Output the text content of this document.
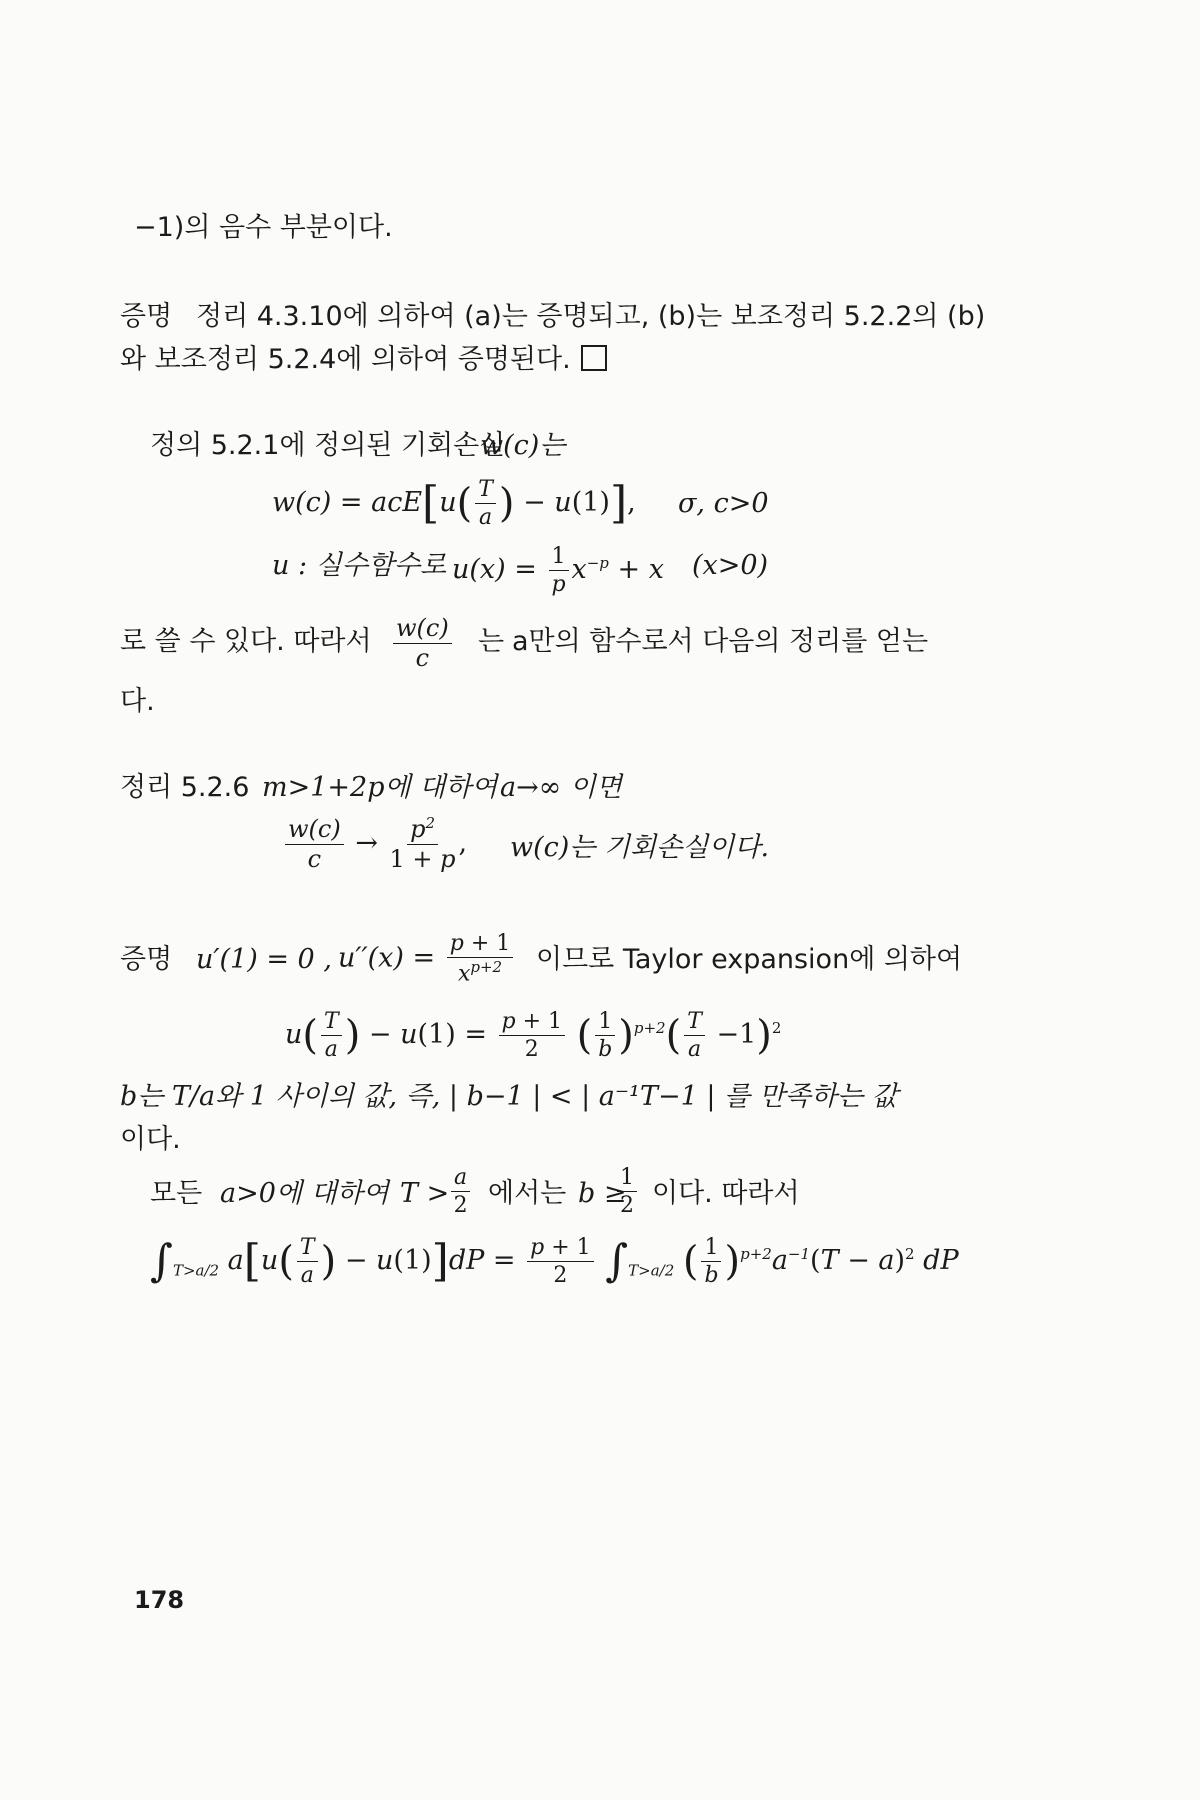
−1)의 음수 부분이다.
증명 정리 4.3.10에 의하여 (a)는 증명되고, (b)는 보조정리 5.2.2의 (b)
와 보조정리 5.2.4에 의하여 증명된다.
정의 5.2.1에 정의된 기회손실
w(c)는
$w(c) = acE[u( \frac{T}{a}$ ) − u(1)], σ, c>0
u : 실수함수로 $u(x) = \frac{1}{p} x^{-p} + x$ (x>0)
로 쓸 수 있다. 따라서 $\frac{w(c)}{c}$ 는 a만의 함수로서 다음의 정리를 얻는
다.
정리 5.2.6 m>1+2p에 대하여 a→∞ 이면
$\frac{w(c)}{c} \to \frac{p^2}{1 + p}$ , w(c)는 기회손실이다.
증명 u′(1) = 0 , $u''(x) = \frac{p + 1}{x^{p+2}}$ 이므로 Taylor expansion에 의하여
$u( \frac{T}{a}$ ) − $u(1) = \frac{p + 1}{2}$ ( $\frac{1}{b} )^{p+2}( \frac{T}{a} -1)^2$
b는 T/a와 1 사이의 값, 즉, | b−1 | < | a⁻¹T−1 | 를 만족하는 값
이다.
모든 a>0에 대하여 $T > \frac{a}{2}$ 에서는 b ≥
$\frac{1}{2}$ 이다. 따라서
$\int_{T>a/2}$ $a[u( \frac{T}{a}$ ) − $u(1)]dP = \frac{p + 1}{2} \int_{T>a/2}$ ( $\frac{1}{b} )^{p+2}a^{-1}(T - a)^2$ dP
178
